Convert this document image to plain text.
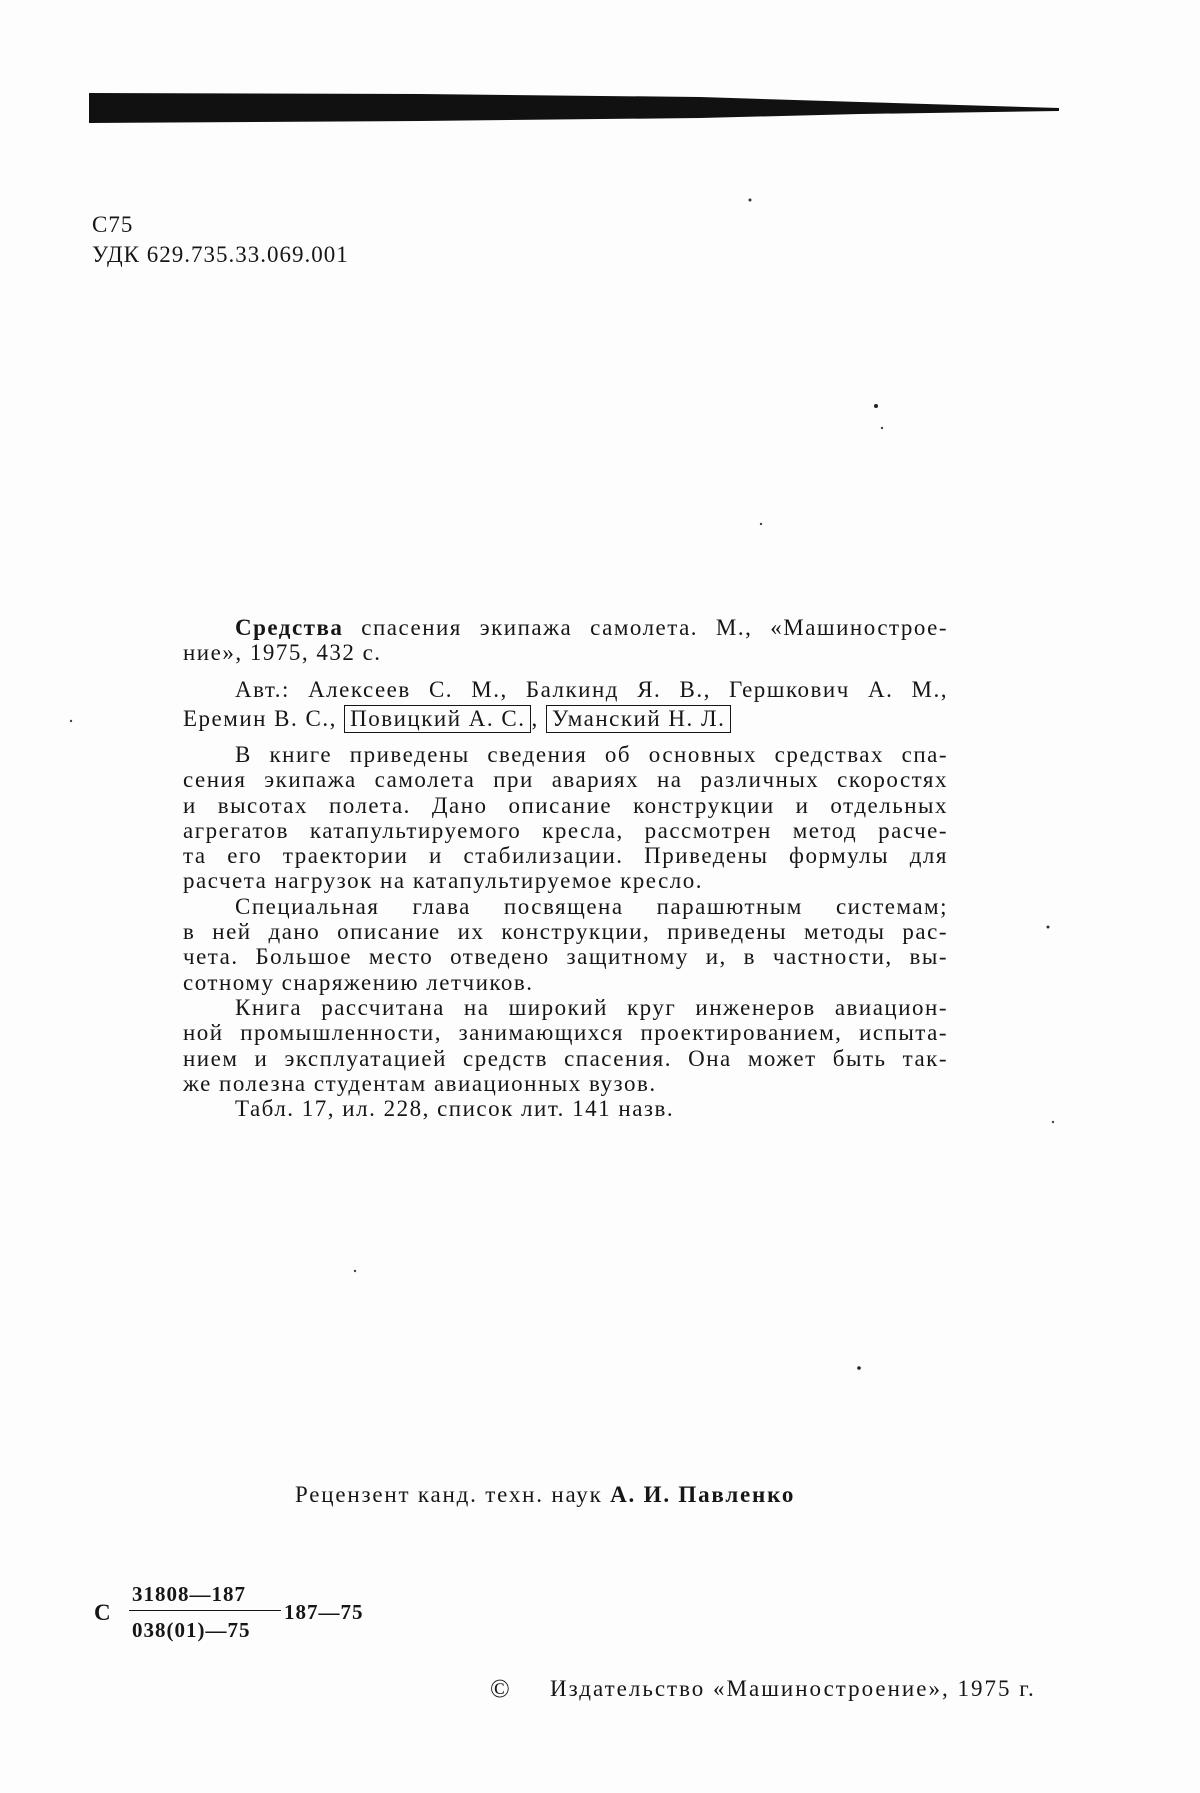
С75
УДК 629.735.33.069.001
Средства спасения экипажа самолета. М., «Машинострое-
ние», 1975, 432 с.
Авт.: Алексеев С. М., Балкинд Я. В., Гершкович А. М.,
Еремин В. С., Повицкий А. С. , Уманский Н. Л.
В книге приведены сведения об основных средствах спа-
сения экипажа самолета при авариях на различных скоростях
и высотах полета. Дано описание конструкции и отдельных
агрегатов катапультируемого кресла, рассмотрен метод расче-
та его траектории и стабилизации. Приведены формулы для
расчета нагрузок на катапультируемое кресло.
Специальная глава посвящена парашютным системам;
в ней дано описание их конструкции, приведены методы рас-
чета. Большое место отведено защитному и, в частности, вы-
сотному снаряжению летчиков.
Книга рассчитана на широкий круг инженеров авиацион-
ной промышленности, занимающихся проектированием, испыта-
нием и эксплуатацией средств спасения. Она может быть так-
же полезна студентам авиационных вузов.
Табл. 17, ил. 228, список лит. 141 назв.
Рецензент канд. техн. наук А. И. Павленко
С
31808—187
038(01)—75
187—75
© Издательство «Машиностроение», 1975 г.
